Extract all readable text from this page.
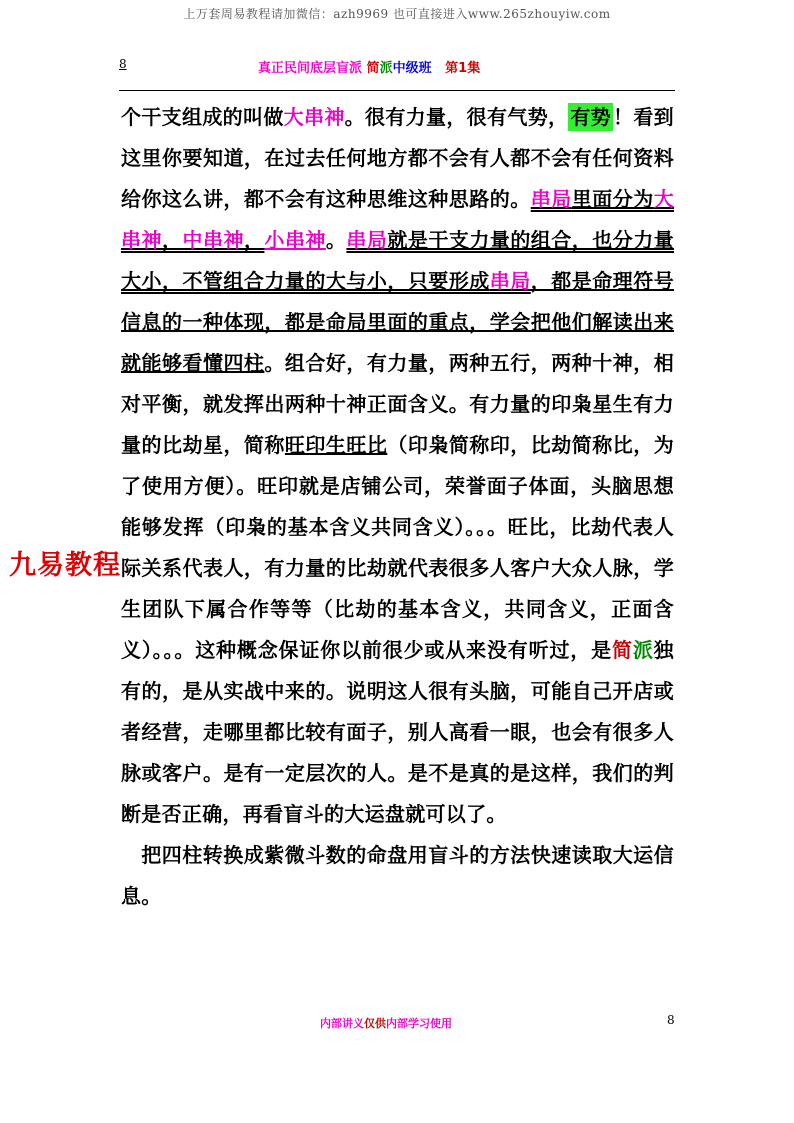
上万套周易教程请加微信：azh9969 也可直接进入www.265zhouyiw.com
8	真正民间底层盲派 简派中级班 第1集
个干支组成的叫做大串神。很有力量，很有气势， 有势 ！看到这里你要知道，在过去任何地方都不会有人都不会有任何资料给你这么讲，都不会有这种思维这种思路的。串局里面分为大串神，中串神，小串神。串局就是干支力量的组合，也分力量大小，不管组合力量的大与小，只要形成串局，都是命理符号信息的一种体现，都是命局里面的重点，学会把他们解读出来就能够看懂四柱。组合好，有力量，两种五行，两种十神，相对平衡，就发挥出两种十神正面含义。有力量的印枭星生有力量的比劫星，简称旺印生旺比（印枭简称印，比劫简称比，为了使用方便）。旺印就是店铺公司，荣誉面子体面，头脑思想能够发挥（印枭的基本含义共同含义）。。。旺比，比劫代表人际关系代表人，有力量的比劫就代表很多人客户大众人脉，学生团队下属合作等等（比劫的基本含义，共同含义，正面含义）。。。这种概念保证你以前很少或从来没有听过，是简派独有的，是从实战中来的。说明这人很有头脑，可能自己开店或者经营，走哪里都比较有面子，别人高看一眼，也会有很多人脉或客户。是有一定层次的人。是不是真的是这样，我们的判断是否正确，再看盲斗的大运盘就可以了。
把四柱转换成紫微斗数的命盘用盲斗的方法快速读取大运信息。
九易教程
内部讲义仅供内部学习使用	8
